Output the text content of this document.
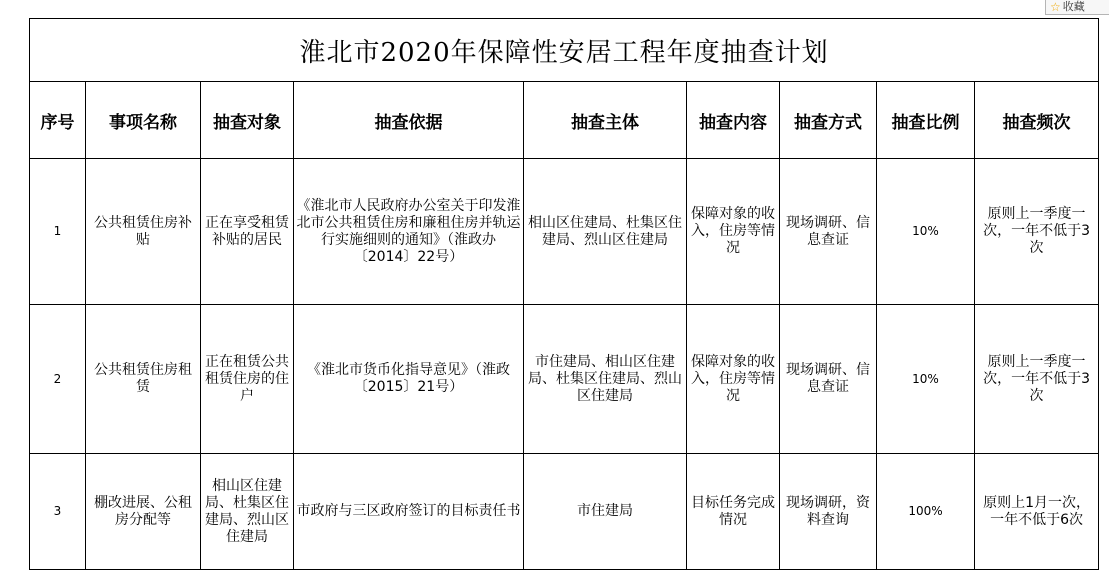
☆ 收藏
淮北市2020年保障性安居工程年度抽查计划								
序号	事项名称	抽查对象	抽查依据	抽查主体	抽查内容	抽查方式	抽查比例	抽查频次
1	公共租赁住房补贴	正在享受租赁补贴的居民	《淮北市人民政府办公室关于印发淮北市公共租赁住房和廉租住房并轨运行实施细则的通知》（淮政办〔2014〕22号）	相山区住建局、杜集区住建局、烈山区住建局	保障对象的收入，住房等情况	现场调研、信息查证	10%	原则上一季度一次，一年不低于3次
2	公共租赁住房租赁	正在租赁公共租赁住房的住户	《淮北市货币化指导意见》（淮政〔2015〕21号）	市住建局、相山区住建局、杜集区住建局、烈山区住建局	保障对象的收入，住房等情况	现场调研、信息查证	10%	原则上一季度一次，一年不低于3次
3	棚改进展、公租房分配等	相山区住建局、杜集区住建局、烈山区住建局	市政府与三区政府签订的目标责任书	市住建局	目标任务完成情况	现场调研，资料查询	100%	原则上1月一次，一年不低于6次
